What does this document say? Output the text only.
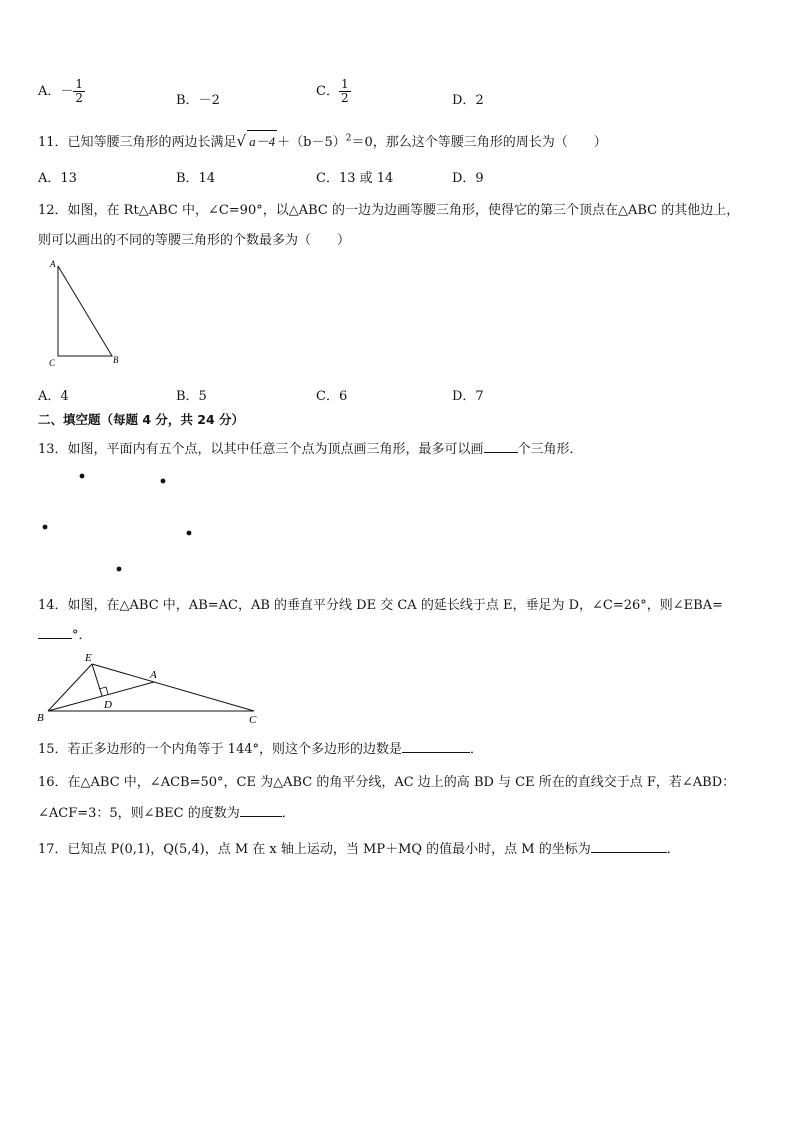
A．－ $\frac{1}{2}$	B．－2
C． $\frac{1}{2}$	D．2
11．已知等腰三角形的两边长满足√ $a-4 +(b-5)^2=0$，那么这个等腰三角形的周长为（　　）
A．13	B．14	C．13 或 14	D．9
12．如图，在 Rt△ABC 中，∠C=90°，以△ABC 的一边为边画等腰三角形，使得它的第三个顶点在△ABC 的其他边上，
则可以画出的不同的等腰三角形的个数最多为（　　）
A
C	B
A．4	B．5	C．6	D．7
二、填空题（每题 4 分，共 24 分）
13．如图，平面内有五个点，以其中任意三个点为顶点画三角形，最多可以画	个三角形．
14．如图，在△ABC 中，AB=AC，AB 的垂直平分线 DE 交 CA 的延长线于点 E，垂足为 D，∠C=26°，则∠EBA=
°．
E
A
B	C
D
15．若正多边形的一个内角等于 144°，则这个多边形的边数是	．
16．在△ABC 中，∠ACB=50°，CE 为△ABC 的角平分线，AC 边上的高 BD 与 CE 所在的直线交于点 F，若∠ABD：
∠ACF=3：5，则∠BEC 的度数为	．
17．已知点 P(0,1)，Q(5,4)，点 M 在 x 轴上运动，当 MP＋MQ 的值最小时，点 M 的坐标为	．
